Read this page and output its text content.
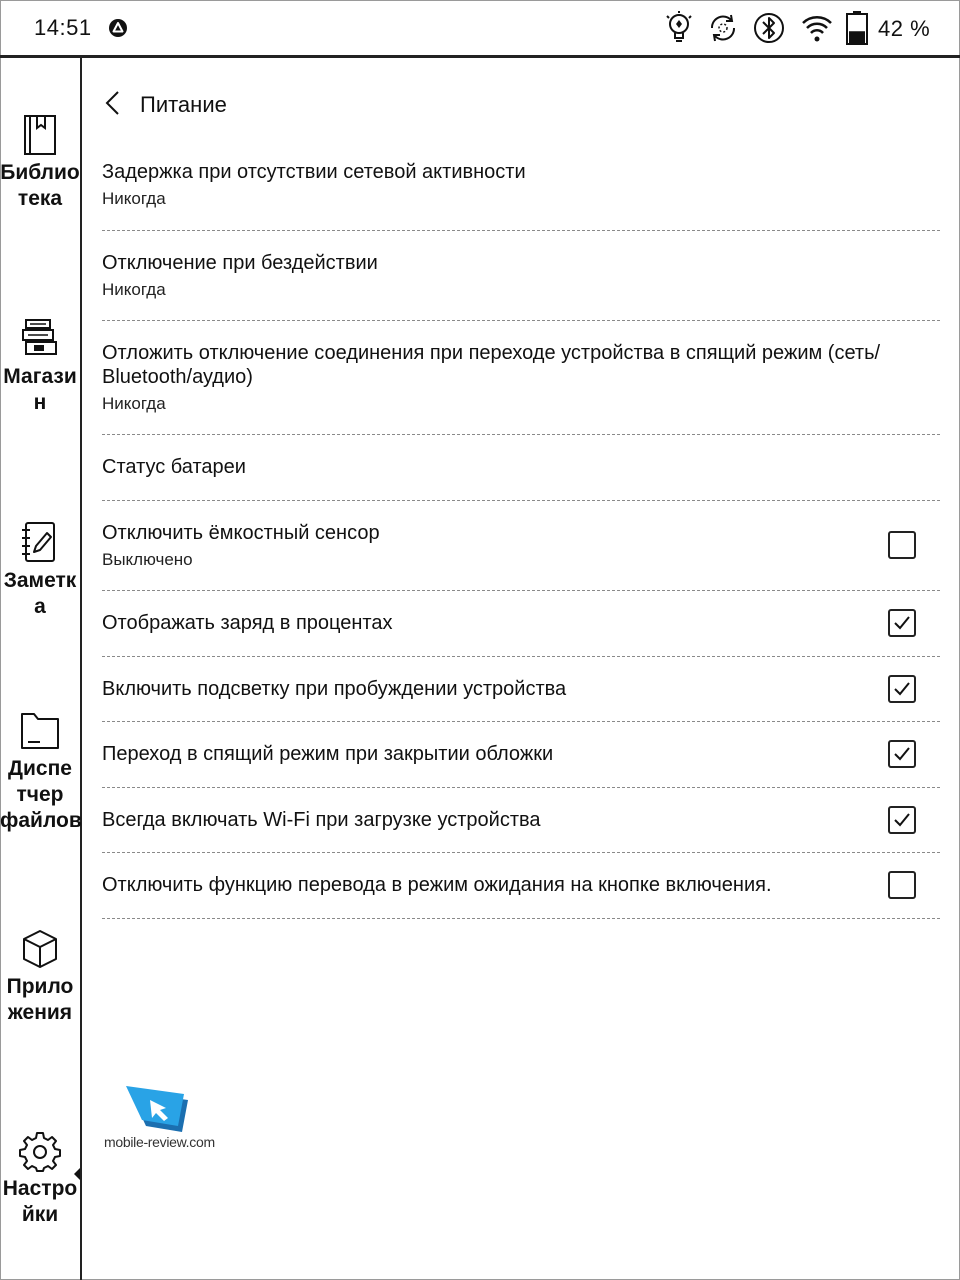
14:51	42 %
Библио
тека
Магази
н
Заметк
а
Диспе
тчер
файлов
Прило
жения
Настро
йки
Питание
Задержка при отсутствии сетевой активности
Никогда
Отключение при бездействии
Никогда
Отложить отключение соединения при переходе устройства в спящий режим (сеть/
Bluetooth/аудио)
Никогда
Статус батареи
Отключить ёмкостный сенсор
Выключено
Отображать заряд в процентах
Включить подсветку при пробуждении устройства
Переход в спящий режим при закрытии обложки
Всегда включать Wi-Fi при загрузке устройства
Отключить функцию перевода в режим ожидания на кнопке включения.
mobile-review.com
